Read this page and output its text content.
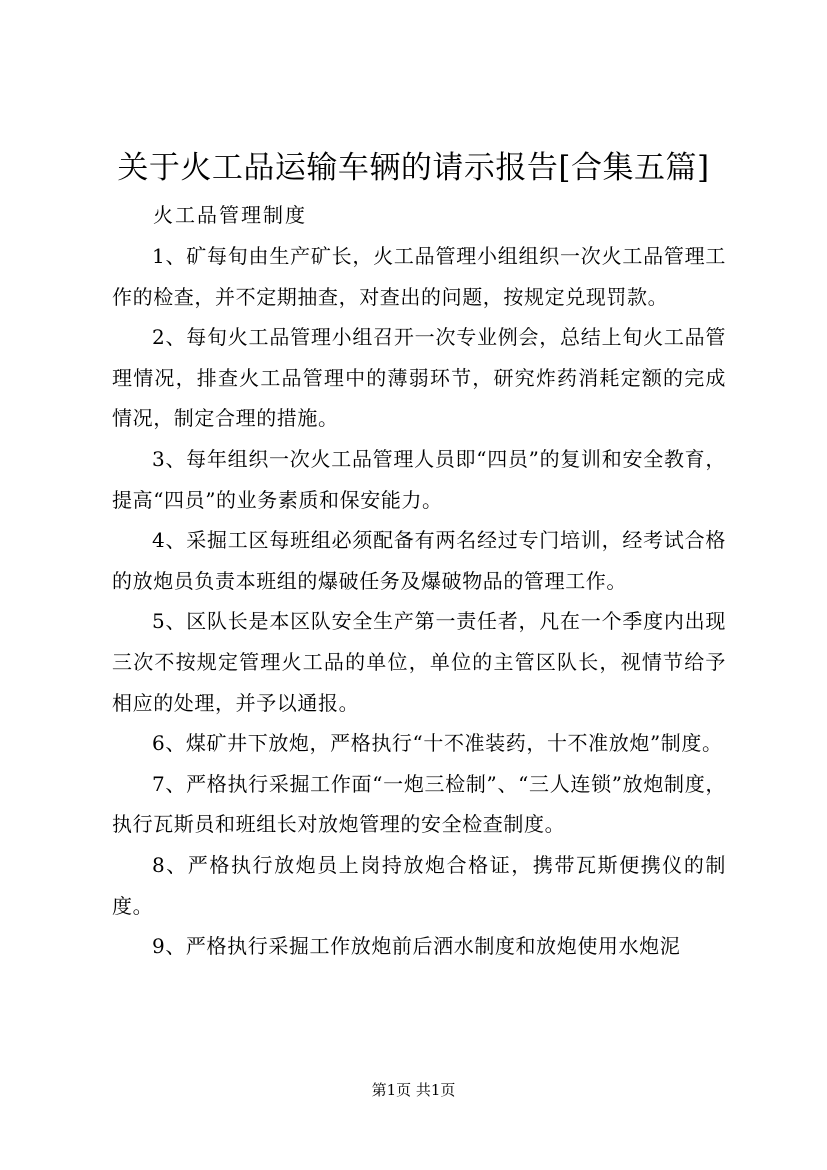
关于火工品运输车辆的请示报告[合集五篇]
火工品管理制度

1、矿每旬由生产矿长，火工品管理小组组织一次火工品管理工作的检查，并不定期抽查，对查出的问题，按规定兑现罚款。

2、每旬火工品管理小组召开一次专业例会，总结上旬火工品管理情况，排查火工品管理中的薄弱环节，研究炸药消耗定额的完成情况，制定合理的措施。

3、每年组织一次火工品管理人员即“四员”的复训和安全教育，提高“四员”的业务素质和保安能力。

4、采掘工区每班组必须配备有两名经过专门培训，经考试合格的放炮员负责本班组的爆破任务及爆破物品的管理工作。

5、区队长是本区队安全生产第一责任者，凡在一个季度内出现三次不按规定管理火工品的单位，单位的主管区队长，视情节给予相应的处理，并予以通报。

6、煤矿井下放炮，严格执行“十不准装药，十不准放炮”制度。

7、严格执行采掘工作面“一炮三检制”、“三人连锁”放炮制度，执行瓦斯员和班组长对放炮管理的安全检查制度。

8、严格执行放炮员上岗持放炮合格证，携带瓦斯便携仪的制度。

9、严格执行采掘工作放炮前后洒水制度和放炮使用水炮泥

第1页 共1页
